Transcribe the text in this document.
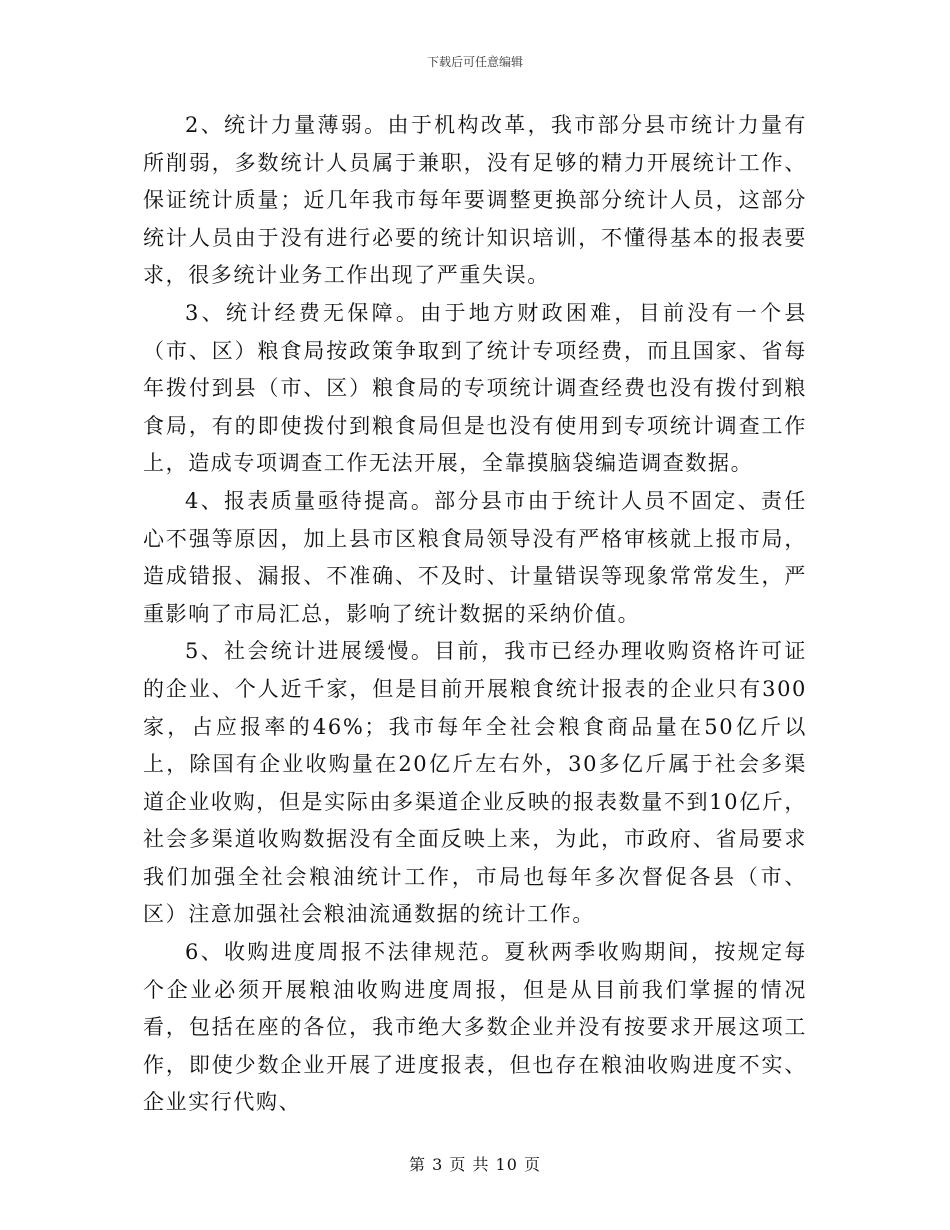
下载后可任意编辑

2、统计力量薄弱。由于机构改革，我市部分县市统计力量有所削弱，多数统计人员属于兼职，没有足够的精力开展统计工作、保证统计质量；近几年我市每年要调整更换部分统计人员，这部分统计人员由于没有进行必要的统计知识培训，不懂得基本的报表要求，很多统计业务工作出现了严重失误。

3、统计经费无保障。由于地方财政困难，目前没有一个县（市、区）粮食局按政策争取到了统计专项经费，而且国家、省每年拨付到县（市、区）粮食局的专项统计调查经费也没有拨付到粮食局，有的即使拨付到粮食局但是也没有使用到专项统计调查工作上，造成专项调查工作无法开展，全靠摸脑袋编造调查数据。

4、报表质量亟待提高。部分县市由于统计人员不固定、责任心不强等原因，加上县市区粮食局领导没有严格审核就上报市局，造成错报、漏报、不准确、不及时、计量错误等现象常常发生，严重影响了市局汇总，影响了统计数据的采纳价值。

5、社会统计进展缓慢。目前，我市已经办理收购资格许可证的企业、个人近千家，但是目前开展粮食统计报表的企业只有300家，占应报率的46%；我市每年全社会粮食商品量在50亿斤以上，除国有企业收购量在20亿斤左右外，30多亿斤属于社会多渠道企业收购，但是实际由多渠道企业反映的报表数量不到10亿斤，社会多渠道收购数据没有全面反映上来，为此，市政府、省局要求我们加强全社会粮油统计工作，市局也每年多次督促各县（市、区）注意加强社会粮油流通数据的统计工作。

6、收购进度周报不法律规范。夏秋两季收购期间，按规定每个企业必须开展粮油收购进度周报，但是从目前我们掌握的情况看，包括在座的各位，我市绝大多数企业并没有按要求开展这项工作，即使少数企业开展了进度报表，但也存在粮油收购进度不实、企业实行代购、

第 3 页 共 10 页
